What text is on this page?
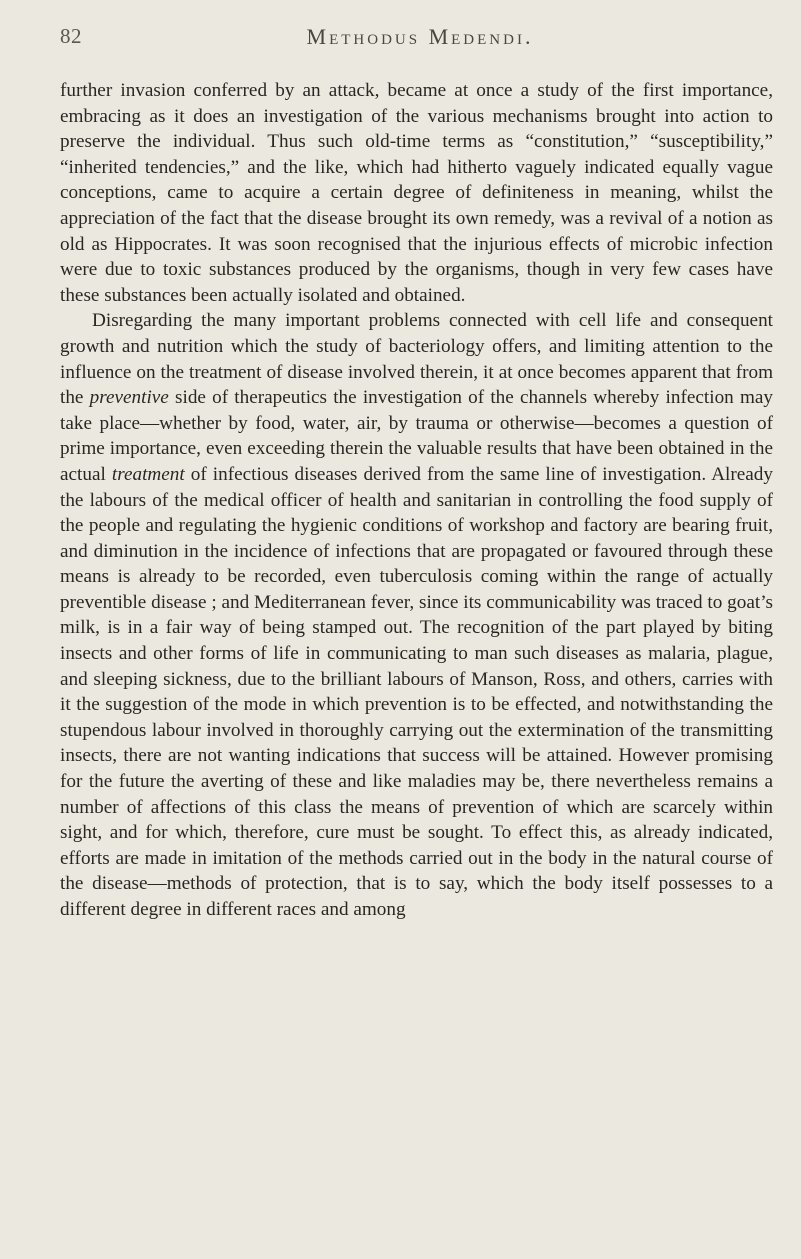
82	Methodus Medendi.

further invasion conferred by an attack, became at once a study of the first importance, embracing as it does an investigation of the various mechanisms brought into action to preserve the individual. Thus such old-time terms as “constitution,” “susceptibility,” “inherited tendencies,” and the like, which had hitherto vaguely indicated equally vague conceptions, came to acquire a certain degree of definiteness in meaning, whilst the appreciation of the fact that the disease brought its own remedy, was a revival of a notion as old as Hippocrates. It was soon recognised that the injurious effects of microbic infection were due to toxic substances produced by the organisms, though in very few cases have these substances been actually isolated and obtained.

Disregarding the many important problems connected with cell life and consequent growth and nutrition which the study of bacteriology offers, and limiting attention to the influence on the treatment of disease involved therein, it at once becomes apparent that from the preventive side of therapeutics the investigation of the channels whereby infection may take place—whether by food, water, air, by trauma or otherwise—becomes a question of prime importance, even exceeding therein the valuable results that have been obtained in the actual treatment of infectious diseases derived from the same line of investigation. Already the labours of the medical officer of health and sanitarian in controlling the food supply of the people and regulating the hygienic conditions of workshop and factory are bearing fruit, and diminution in the incidence of infections that are propagated or favoured through these means is already to be recorded, even tuberculosis coming within the range of actually preventible disease ; and Mediterranean fever, since its communicability was traced to goat’s milk, is in a fair way of being stamped out. The recognition of the part played by biting insects and other forms of life in communicating to man such diseases as malaria, plague, and sleeping sickness, due to the brilliant labours of Manson, Ross, and others, carries with it the suggestion of the mode in which prevention is to be effected, and notwithstanding the stupendous labour involved in thoroughly carrying out the extermination of the transmitting insects, there are not wanting indications that success will be attained. However promising for the future the averting of these and like maladies may be, there nevertheless remains a number of affections of this class the means of prevention of which are scarcely within sight, and for which, therefore, cure must be sought. To effect this, as already indicated, efforts are made in imitation of the methods carried out in the body in the natural course of the disease—methods of protection, that is to say, which the body itself possesses to a different degree in different races and among
